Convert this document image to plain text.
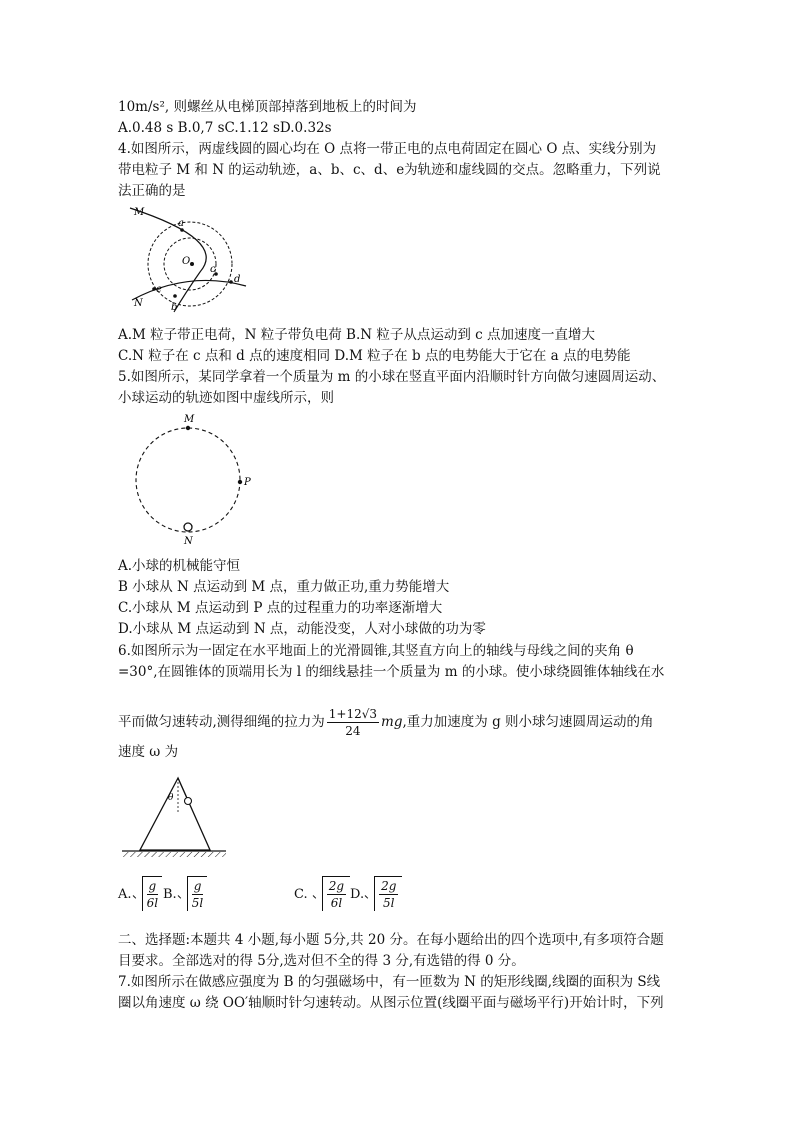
10m/s², 则螺丝从电梯顶部掉落到地板上的时间为
A.0.48 s B.0,7 sC.1.12 sD.0.32s
4.如图所示，两虚线圆的圆心均在 O 点将一带正电的点电荷固定在圆心 O 点、实线分别为
带电粒子 M 和 N 的运动轨迹，a、b、c、d、e为轨迹和虚线圆的交点。忽略重力，下列说
法正确的是
M
a
O
c
d
e
N	b
A.M 粒子带正电荷，N 粒子带负电荷 B.N 粒子从点运动到 c 点加速度一直增大
C.N 粒子在 c 点和 d 点的速度相同 D.M 粒子在 b 点的电势能大于它在 a 点的电势能
5.如图所示，某同学拿着一个质量为 m 的小球在竖直平面内沿顺时针方向做匀速圆周运动、
小球运动的轨迹如图中虚线所示，则
M
P
N
A.小球的机械能守恒
B 小球从 N 点运动到 M 点，重力做正功,重力势能增大
C.小球从 M 点运动到 P 点的过程重力的功率逐渐增大
D.小球从 M 点运动到 N 点，动能没变，人对小球做的功为零
6.如图所示为一固定在水平地面上的光滑圆锥,其竖直方向上的轴线与母线之间的夹角 θ
=30°,在圆锥体的顶端用长为 l 的细线悬挂一个质量为 m 的小球。使小球绕圆锥体轴线在水
平而做匀速转动,测得细绳的拉力为 $\frac{1+12√3}{24}$ mg,重力加速度为 g 则小球匀速圆周运动的角
速度 ω 为
θ
A. $\frac{g}{6l} B$. $\frac{g}{5l}$	C. $\frac{2g}{6l} D$. $\frac{2g}{5l}$
二、选择题:本题共 4 小题,每小题 5分,共 20 分。在每小题给出的四个选项中,有多项符合题
目要求。全部选对的得 5分,选对但不全的得 3 分,有选错的得 0 分。
7.如图所示在做感应强度为 B 的匀强磁场中，有一匝数为 N 的矩形线圈,线圈的面积为 S线
圈以角速度 ω 绕 OO′轴顺时针匀速转动。从图示位置(线圈平面与磁场平行)开始计时，下列
